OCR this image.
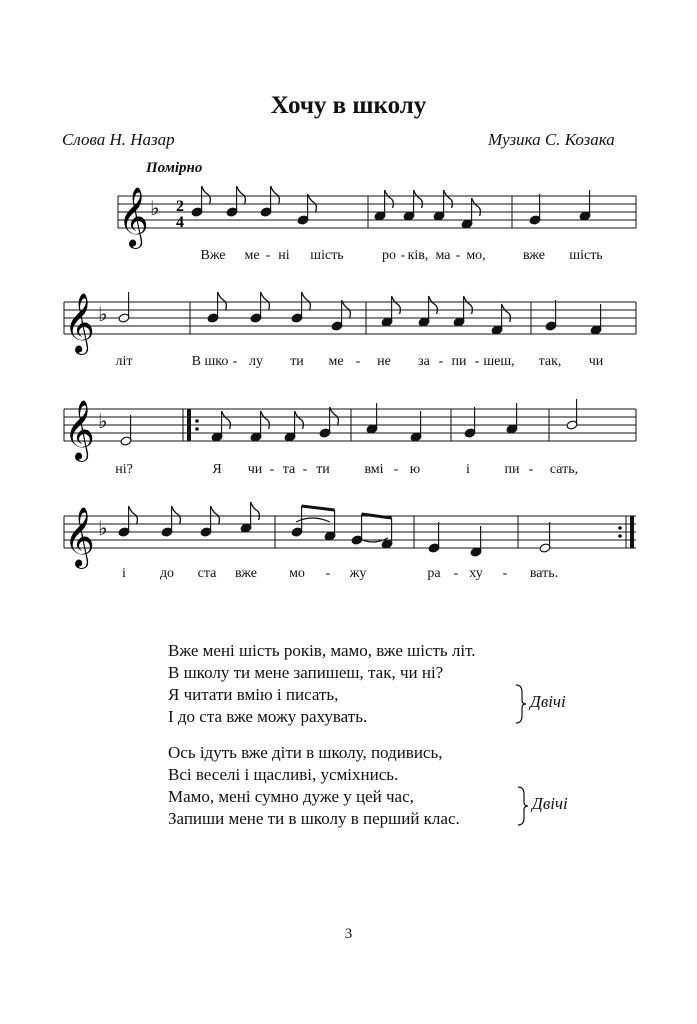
Хочу в школу
Слова Н. Назар	Музика С. Козака
Помірно
𝄞 ♭ 2
4
Вже ме - ні шість	ро - ків, ма - мо,	вже шість
𝄞 ♭
літ	В шко - лу ти ме - не за - пи - шеш, так, чи
𝄞 ♭
ні?	Я чи - та - ти вмі - ю	і пи - сать,
𝄞 ♭
і до ста вже мо - жу	ра - ху - вать.
Вже мені шість років, мамо, вже шість літ.
В школу ти мене запишеш, так, чи ні?
Я читати вмію і писать,
І до ста вже можу рахувать.
Двічі
Ось ідуть вже діти в школу, подивись,
Всі веселі і щасливі, усміхнись.
Мамо, мені сумно дуже у цей час,
Запиши мене ти в школу в перший клас.
Двічі
3
